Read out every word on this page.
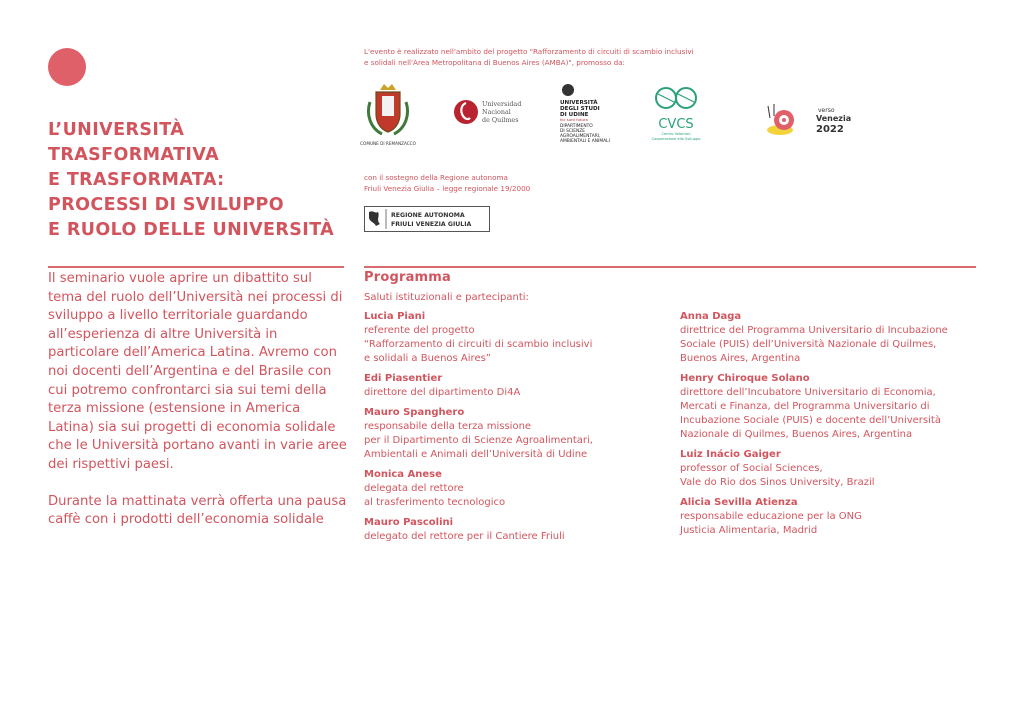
L’UNIVERSITÀ
TRASFORMATIVA
E TRASFORMATA:
PROCESSI DI SVILUPPO
E RUOLO DELLE UNIVERSITÀ

Il seminario vuole aprire un dibattito sul tema del ruolo dell’Università nei processi di sviluppo a livello territoriale guardando all’esperienza di altre Università in particolare dell’America Latina. Avremo con noi docenti dell’Argentina e del Brasile con cui potremo confrontarci sia sui temi della terza missione (estensione in America Latina) sia sui progetti di economia solidale che le Università portano avanti in varie aree dei rispettivi paesi.

Durante la mattinata verrà offerta una pausa caffè con i prodotti dell’economia solidale

L'evento è realizzato nell'ambito del progetto "Rafforzamento di circuiti di scambio inclusivi
e solidali nell'Area Metropolitana di Buenos Aires (AMBA)", promosso da:
COMUNE DI REMANZACCO
Universidad
Nacional
de Quilmes
UNIVERSITÀ
DEGLI STUDI
DI UDINE
hic sunt futura
DIPARTIMENTO
DI SCIENZE
AGROALIMENTARI,
AMBIENTALI E ANIMALI
CVCS
Centro Volontari
Cooperazione allo Sviluppo
verso
Venezia
2022
con il sostegno della Regione autonoma
Friuli Venezia Giulia – legge regionale 19/2000
REGIONE AUTONOMA
FRIULI VENEZIA GIULIA
Programma
Saluti istituzionali e partecipanti:
Lucia Piani
referente del progetto
“Rafforzamento di circuiti di scambio inclusivi
e solidali a Buenos Aires”
Edi Piasentier
direttore del dipartimento Di4A
Mauro Spanghero
responsabile della terza missione
per il Dipartimento di Scienze Agroalimentari,
Ambientali e Animali dell’Università di Udine
Monica Anese
delegata del rettore
al trasferimento tecnologico
Mauro Pascolini
delegato del rettore per il Cantiere Friuli
Anna Daga
direttrice del Programma Universitario di Incubazione
Sociale (PUIS) dell’Università Nazionale di Quilmes,
Buenos Aires, Argentina
Henry Chiroque Solano
direttore dell’Incubatore Universitario di Economia,
Mercati e Finanza, del Programma Universitario di
Incubazione Sociale (PUIS) e docente dell’Università
Nazionale di Quilmes, Buenos Aires, Argentina
Luiz Inácio Gaiger
professor of Social Sciences,
Vale do Rio dos Sinos University, Brazil
Alicia Sevilla Atienza
responsabile educazione per la ONG
Justicia Alimentaria, Madrid
